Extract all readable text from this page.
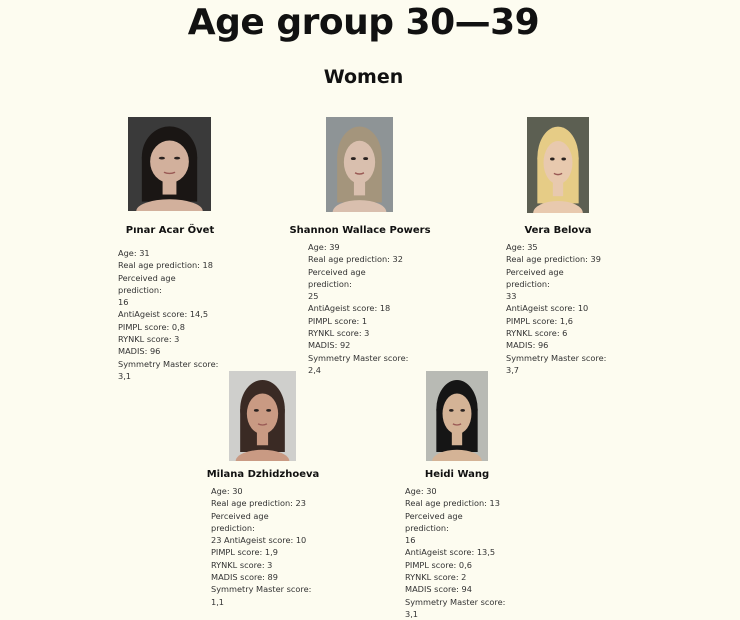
Age group 30—39
Women
Pınar Acar Övet
Age: 31
Real age prediction: 18
Perceived age prediction:
16
AntiAgeist score: 14,5
PIMPL score: 0,8
RYNKL score: 3
MADIS: 96
Symmetry Master score:
3,1
Shannon Wallace Powers
Age: 39
Real age prediction: 32
Perceived age prediction:
25
AntiAgeist score: 18
PIMPL score: 1
RYNKL score: 3
MADIS: 92
Symmetry Master score:
2,4
Vera Belova
Age: 35
Real age prediction: 39
Perceived age prediction:
33
AntiAgeist score: 10
PIMPL score: 1,6
RYNKL score: 6
MADIS: 96
Symmetry Master score:
3,7
Milana Dzhidzhoeva
Age: 30
Real age prediction: 23
Perceived age prediction:
23 AntiAgeist score: 10
PIMPL score: 1,9
RYNKL score: 3
MADIS score: 89
Symmetry Master score:
1,1
Heidi Wang
Age: 30
Real age prediction: 13
Perceived age prediction:
16
AntiAgeist score: 13,5
PIMPL score: 0,6
RYNKL score: 2
MADIS score: 94
Symmetry Master score:
3,1
